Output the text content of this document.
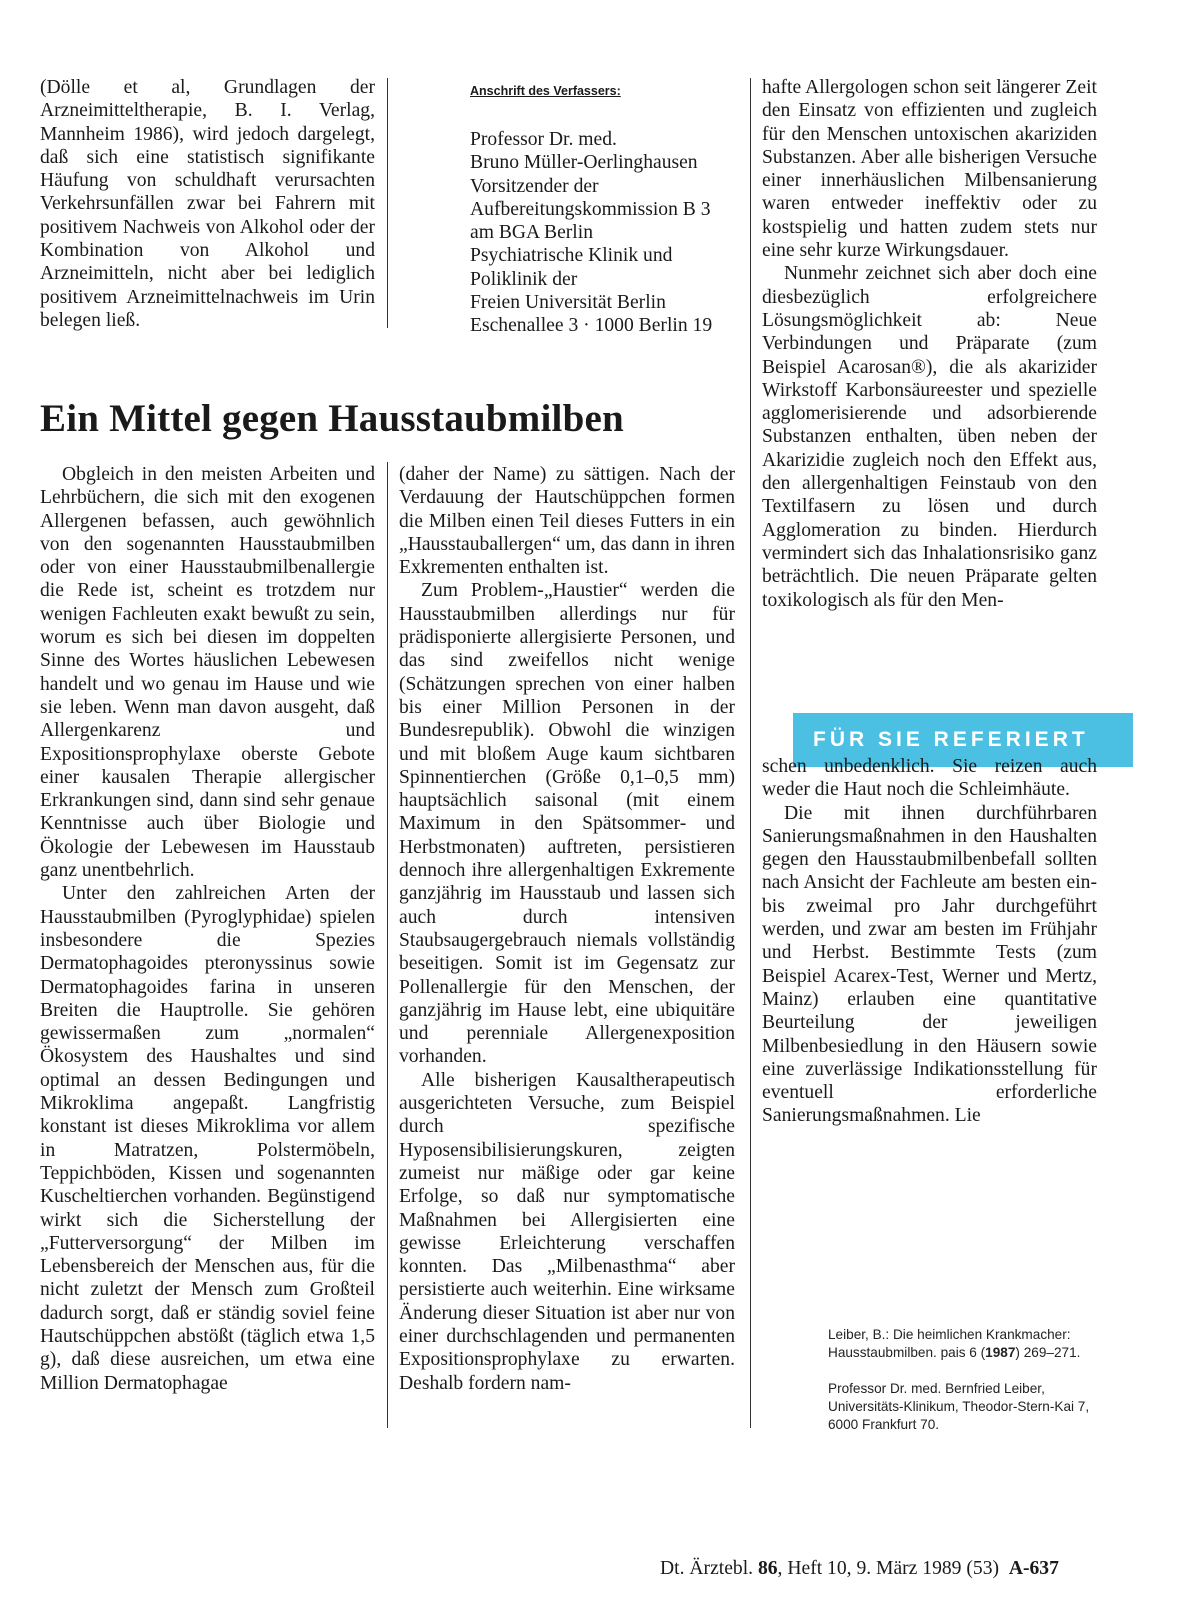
(Dölle et al, Grundlagen der Arzneimitteltherapie, B. I. Verlag, Mannheim 1986), wird jedoch dargelegt, daß sich eine statistisch signifikante Häufung von schuldhaft verursachten Verkehrsunfällen zwar bei Fahrern mit positivem Nachweis von Alkohol oder der Kombination von Alkohol und Arzneimitteln, nicht aber bei lediglich positivem Arzneimittelnachweis im Urin belegen ließ.

Anschrift des Verfassers:
Professor Dr. med.
Bruno Müller-Oerlinghausen
Vorsitzender der
Aufbereitungskommission B 3
am BGA Berlin
Psychiatrische Klinik und
Poliklinik der
Freien Universität Berlin
Eschenallee 3 · 1000 Berlin 19
Ein Mittel gegen Hausstaubmilben

Obgleich in den meisten Arbeiten und Lehrbüchern, die sich mit den exogenen Allergenen befassen, auch gewöhnlich von den sogenannten Hausstaubmilben oder von einer Hausstaubmilbenallergie die Rede ist, scheint es trotzdem nur wenigen Fachleuten exakt bewußt zu sein, worum es sich bei diesen im doppelten Sinne des Wortes häuslichen Lebewesen handelt und wo genau im Hause und wie sie leben. Wenn man davon ausgeht, daß Allergenkarenz und Expositionsprophylaxe oberste Gebote einer kausalen Therapie allergischer Erkrankungen sind, dann sind sehr genaue Kenntnisse auch über Biologie und Ökologie der Lebewesen im Hausstaub ganz unentbehrlich.

Unter den zahlreichen Arten der Hausstaubmilben (Pyroglyphidae) spielen insbesondere die Spezies Dermatophagoides pteronyssinus sowie Dermatophagoides farina in unseren Breiten die Hauptrolle. Sie gehören gewissermaßen zum „normalen“ Ökosystem des Haushaltes und sind optimal an dessen Bedingungen und Mikroklima angepaßt. Langfristig konstant ist dieses Mikroklima vor allem in Matratzen, Polstermöbeln, Teppichböden, Kissen und sogenannten Kuscheltierchen vorhanden. Begünstigend wirkt sich die Sicherstellung der „Futterversorgung“ der Milben im Lebensbereich der Menschen aus, für die nicht zuletzt der Mensch zum Großteil dadurch sorgt, daß er ständig soviel feine Hautschüppchen abstößt (täglich etwa 1,5 g), daß diese ausreichen, um etwa eine Million Dermatophagae

(daher der Name) zu sättigen. Nach der Verdauung der Hautschüppchen formen die Milben einen Teil dieses Futters in ein „Hausstauballergen“ um, das dann in ihren Exkrementen enthalten ist.

Zum Problem-„Haustier“ werden die Hausstaubmilben allerdings nur für prädisponierte allergisierte Personen, und das sind zweifellos nicht wenige (Schätzungen sprechen von einer halben bis einer Million Personen in der Bundesrepublik). Obwohl die winzigen und mit bloßem Auge kaum sichtbaren Spinnentierchen (Größe 0,1–0,5 mm) hauptsächlich saisonal (mit einem Maximum in den Spätsommer- und Herbstmonaten) auftreten, persistieren dennoch ihre allergenhaltigen Exkremente ganzjährig im Hausstaub und lassen sich auch durch intensiven Staubsaugergebrauch niemals vollständig beseitigen. Somit ist im Gegensatz zur Pollenallergie für den Menschen, der ganzjährig im Hause lebt, eine ubiquitäre und perenniale Allergenexposition vorhanden.

Alle bisherigen Kausaltherapeutisch ausgerichteten Versuche, zum Beispiel durch spezifische Hyposensibilisierungskuren, zeigten zumeist nur mäßige oder gar keine Erfolge, so daß nur symptomatische Maßnahmen bei Allergisierten eine gewisse Erleichterung verschaffen konnten. Das „Milbenasthma“ aber persistierte auch weiterhin. Eine wirksame Änderung dieser Situation ist aber nur von einer durchschlagenden und permanenten Expositionsprophylaxe zu erwarten. Deshalb fordern nam-

hafte Allergologen schon seit längerer Zeit den Einsatz von effizienten und zugleich für den Menschen untoxischen akariziden Substanzen. Aber alle bisherigen Versuche einer innerhäuslichen Milbensanierung waren entweder ineffektiv oder zu kostspielig und hatten zudem stets nur eine sehr kurze Wirkungsdauer.

Nunmehr zeichnet sich aber doch eine diesbezüglich erfolgreichere Lösungsmöglichkeit ab: Neue Verbindungen und Präparate (zum Beispiel Acarosan®), die als akarizider Wirkstoff Karbonsäureester und spezielle agglomerisierende und adsorbierende Substanzen enthalten, üben neben der Akarizidie zugleich noch den Effekt aus, den allergenhaltigen Feinstaub von den Textilfasern zu lösen und durch Agglomeration zu binden. Hierdurch vermindert sich das Inhalationsrisiko ganz beträchtlich. Die neuen Präparate gelten toxikologisch als für den Men-

FÜR SIE REFERIERT

schen unbedenklich. Sie reizen auch weder die Haut noch die Schleimhäute.

Die mit ihnen durchführbaren Sanierungsmaßnahmen in den Haushalten gegen den Hausstaubmilbenbefall sollten nach Ansicht der Fachleute am besten ein- bis zweimal pro Jahr durchgeführt werden, und zwar am besten im Frühjahr und Herbst. Bestimmte Tests (zum Beispiel Acarex-Test, Werner und Mertz, Mainz) erlauben eine quantitative Beurteilung der jeweiligen Milbenbesiedlung in den Häusern sowie eine zuverlässige Indikationsstellung für eventuell erforderliche Sanierungsmaßnahmen. Lie

Leiber, B.: Die heimlichen Krankmacher: Hausstaubmilben. pais 6 (1987) 269–271.
Professor Dr. med. Bernfried Leiber, Universitäts-Klinikum, Theodor-Stern-Kai 7, 6000 Frankfurt 70.
Dt. Ärztebl. 86, Heft 10, 9. März 1989 (53) A-637
